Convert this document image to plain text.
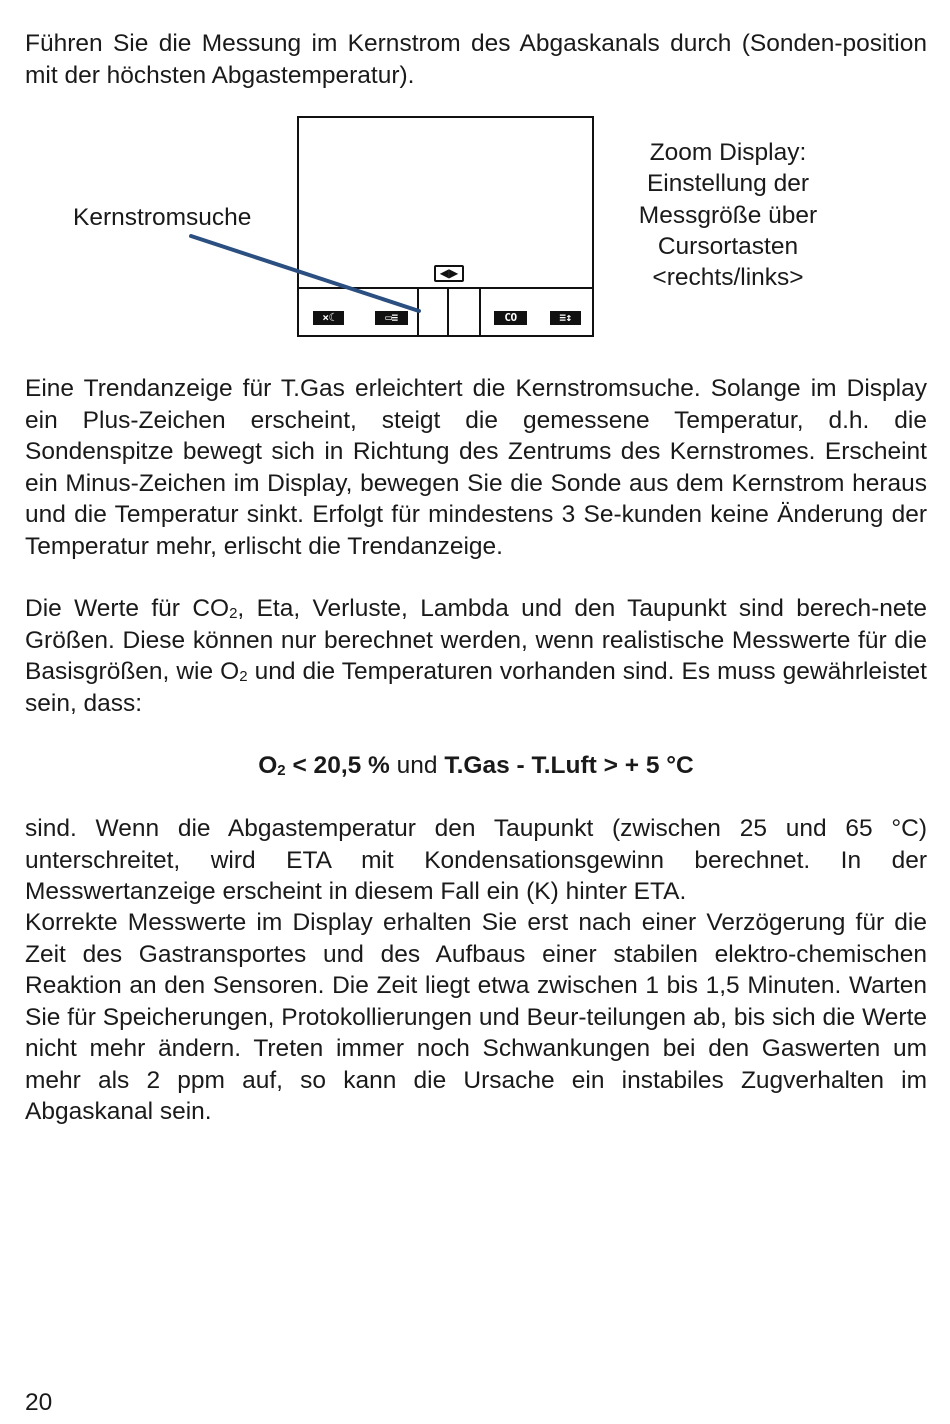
Führen Sie die Messung im Kernstrom des Abgaskanals durch (Sonden-position mit der höchsten Abgastemperatur).

Kernstromsuche
◀▶
×☾	▭≡	CO	≡↕
Zoom Display:
Einstellung der
Messgröße über
Cursortasten
<rechts/links>

Eine Trendanzeige für T.Gas erleichtert die Kernstromsuche. Solange im Display ein Plus-Zeichen erscheint, steigt die gemessene Temperatur, d.h. die Sondenspitze bewegt sich in Richtung des Zentrums des Kernstromes. Erscheint ein Minus-Zeichen im Display, bewegen Sie die Sonde aus dem Kernstrom heraus und die Temperatur sinkt. Erfolgt für mindestens 3 Se-kunden keine Änderung der Temperatur mehr, erlischt die Trendanzeige.

Die Werte für $CO_2$, Eta, Verluste, Lambda und den Taupunkt sind berech-nete Größen. Diese können nur berechnet werden, wenn realistische Messwerte für die Basisgrößen, wie $O_2$ und die Temperaturen vorhanden sind. Es muss gewährleistet sein, dass:

$O_2 < 20,5$ % und T.Gas - T.Luft > + 5 °C

sind. Wenn die Abgastemperatur den Taupunkt (zwischen 25 und 65 °C) unterschreitet, wird ETA mit Kondensationsgewinn berechnet. In der Messwertanzeige erscheint in diesem Fall ein (K) hinter ETA.

Korrekte Messwerte im Display erhalten Sie erst nach einer Verzögerung für die Zeit des Gastransportes und des Aufbaus einer stabilen elektro-chemischen Reaktion an den Sensoren. Die Zeit liegt etwa zwischen 1 bis 1,5 Minuten. Warten Sie für Speicherungen, Protokollierungen und Beur-teilungen ab, bis sich die Werte nicht mehr ändern. Treten immer noch Schwankungen bei den Gaswerten um mehr als 2 ppm auf, so kann die Ursache ein instabiles Zugverhalten im Abgaskanal sein.

20
